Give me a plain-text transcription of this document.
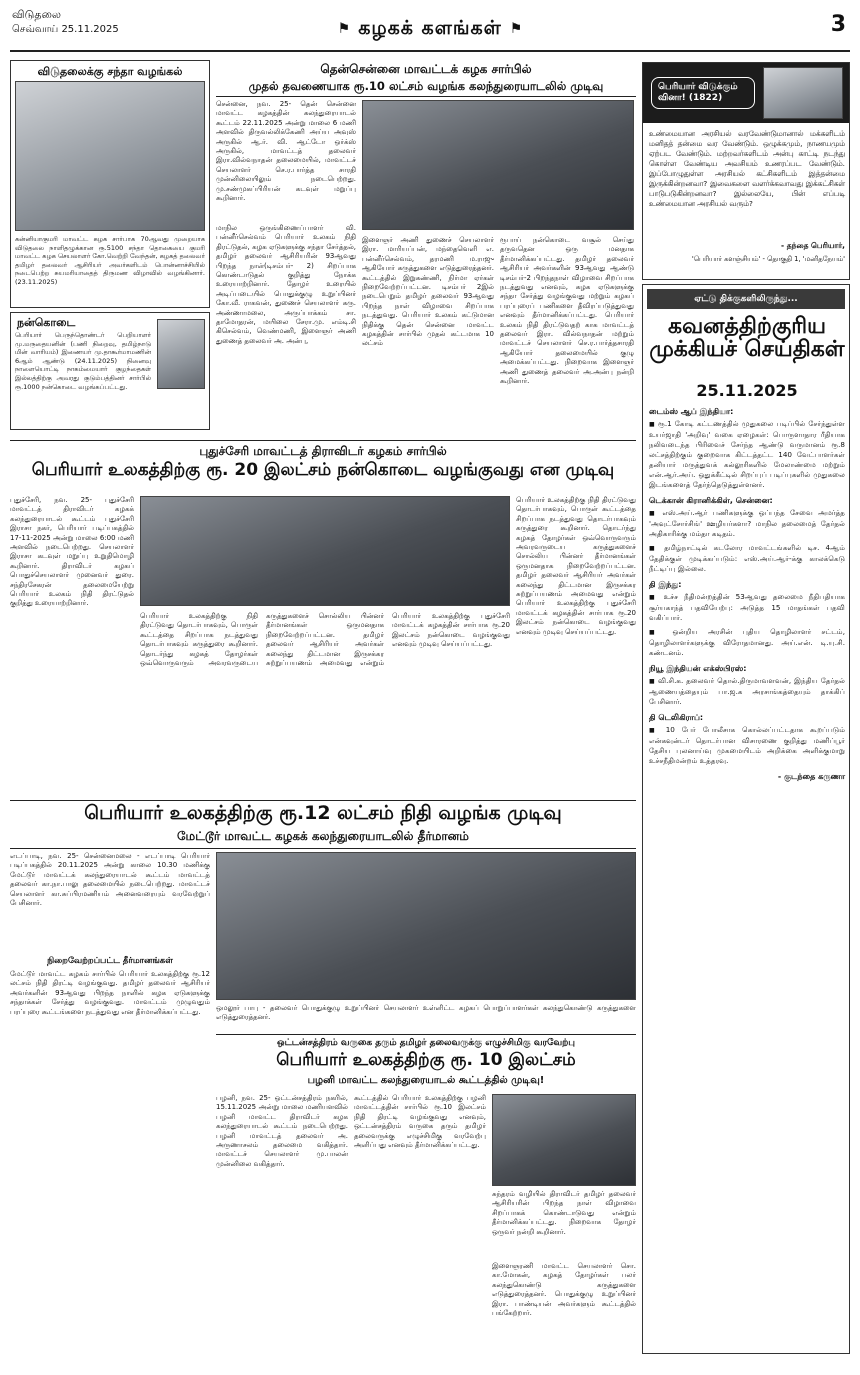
விடுதலை
செவ்வாய் 25.11.2025	⚑ கழகக் களங்கள் ⚑	3
விடுதலைக்கு சந்தா வழங்கல்
கன்னியாகுமரி மாவட்ட கழக சார்பாக 70ஆவது முறையாக விடுதலை நாளிதழுக்கான ரூ.5100 சந்தா தொகையை குமரி மாவட்ட கழக செயலாளர் கோ.வெற்றி வேந்தன், கழகத் தலைவர் தமிழர் தலைவர் ஆசிரியர் அவர்களிடம் பொன்னாச்சியில் நடைபெற்ற சுயமரியாதைத் திருமண விழாவில் வழங்கினார். (23.11.2025)
நன்கொடை
பெரியார் பெருந்தொண்டர் பெறியாளர் மு.மருதையனின் (பணி நிறைவு, தமிழ்நாடு மின் வாரியம்) இணையர் மு.தாகூர்மாமணின் 6ஆம் ஆண்டு (24.11.2025) நினைவு நாளையொட்டி நாகம்மையார் குழந்தைகள் இல்லத்திற்கு அவரது குடும்பத்தினர் சார்பில் ரூ.1000 நன்கொடை வழங்கப்பட்டது.
தென்சென்னை மாவட்டக் கழக சார்பில்
முதல் தவணையாக ரூ.10 லட்சம் வழங்க கலந்துரையாடலில் முடிவு
சென்னை, நவ. 25- தென் சென்னை மாவட்ட கழகத்தின் கலந்துரையாடல் கூட்டம் 22.11.2025 அன்று மாலை 6 மணி அளவில் திருவல்லிக்கேணி அய்ய அவுஸ் அருகில் ஆ.ர். வி. ஆட்டோ ஒர்க்ஸ் அருகில், மாவட்டத் தலைவர் இரா.வில்வநாதன் தலைமையில், மாவட்டச் செயலாளர் செ.ர.பார்த்த சாரதி முன்னிலையிலும் நடைபெற்றது. மு.சண்முகப்பிரியன் கடவுள் மறுப்பு கூறினார்.
மாநில ஒருங்கிணைப்பாளர் வி. பன்னீர்செல்வம் பெரியார் உலகம் நிதி திரட்டுதல், கழக ஏடுகளுக்கு சந்தா சேர்த்தல், தமிழர் தலைவர் ஆசிரியரின் 93ஆவது பிறந்த நாள்(டிசம்பர்- 2) சிறப்பாக கொண்டாடுதல் குறித்து நோக்க உரையாற்றினார். தோழர் உரையில் அடிப்படையில் பொதுக்குழு உறுப்பினர் கோ.வீ. ராகவன், துணைச் செயலாளர் கரு. அண்ணாமலை, அருப்பாக்கம் சா. தாமோதரன், மயிலை சேரா.மு. எம்டி.சி கிசெல்வம், வெண்மணி, இளைஞர் அணி துணைத் தலைவர் அ. அன்பு,
இளைஞர் அணி துணைச் செயலாளர் இரா. மாரியப்பன், மந்தைவெளி எ. பன்னீர்செல்வம், தரமணி ம.ராஜு ஆகியோர் கருத்துகளை எடுத்துரைத்தனர். கூட்டத்தில் இறுகண்ணி, நிர்மா ஏர்கள் நிறைவேற்றப்பட்டன. டிசம்பர் 2இல் நடைபெறும் தமிழர் தலைவர் 93ஆவது பிறந்த நாள் விழாவை சிறப்பாக நடத்துவது. பெரியார் உலகம் கட்டுமான நிதிக்கு தென் சென்னை மாவட்ட கழகத்தின் சார்பில் முதல் கட்டமாக 10 லட்சம்
ரூபாய் நன்கொடை வசூல் செய்து தருவதென ஒரு மனதாக தீர்மானிக்கப்பட்டது. தமிழர் தலைவர் ஆசிரியர் அவர்களின் 93ஆவது ஆண்டு டிசம்பர்-2 பிறந்தநாள் விழாவை சிறப்பாக நடத்துவது எனவும், கழக ஏடுகளுக்கு சந்தா சேர்த்து வழங்குவது மற்றும் கழகப் பரப்புரைப் பணிகளை தீவிரப்படுத்துவது எனவும் தீர்மானிக்கப்பட்டது. பெரியார் உலகம் நிதி திரட்டுவதற் காக மாவட்டத் தலைவர் இரா. வில்வநாதன் மற்றும் மாவட்டச் செயலாளர் செ.ர.பார்த்தசாரதி ஆகியோர் தலைமையில் குழு அமைக்கப்பட்டது. நிறைவாக இளைஞர் அணி துணைத் தலைவர் அ.அன்பு நன்றி கூறினார்.
பெரியார் விடுக்கும் வினா! (1822)
உண்மையான அரசியல் வரவேண்டுமானால் மக்களிடம் மனிதத் தன்மை வர வேண்டும். ஒழுக்கமும், நாணயமும் ஏற்பட வேண்டும். மற்றவர்களிடம் அன்பு காட்டி நடந்து கொள்ள வேண்டிய அவசியம் உணரப்பட வேண்டும். இப்போழுதுள்ள அரசியல் கட்சிகளிடம் இத்தன்மை இருக்கின்றனவா? இவைகளை வளர்க்கவாவது இக்கட்சிகள் பாடுபடுகின்றனவா? இல்லையே, பின் எப்படி உண்மையான அரசியல் வரும்?
- தந்தை பெரியார்,
'பெரியார் களஞ்சியம்' - தொகுதி 1, 'மனிதநேயம்'
ஏட்டு திக்குகளிலிருந்து...
கவனத்திற்குரிய முக்கியச் செய்திகள்
25.11.2025
டைம்ஸ் ஆப் இந்தியா:
■ ரூ.1 கோடி கட்டணத்தில் முதுகலை படிப்பில் சேர்ந்துள்ள உயர்ஜாதி 'அறிவு' வகை ஏழைகள்: பொருளாதார ரீதியாக நலிவடைந்த பிரிவைச் சேர்ந்த ஆண்டு வருமானம் ரூ.8 லட்சத்திற்கும் குறைவாக கிட்டத்தட்ட 140 வேட்பாளர்கள் தனியார் மருத்துவக் கல்லூரிகளில் மேலாண்மை மற்றும் என்.ஆர்.அய். ஒதுக்கீட்டில் சிறப்புப் படிப்புகளில் முதுகலை இடங்களைத் தேர்ந்தெடுத்துள்ளனர்.
டெக்கான் கிரானிக்கிள், சென்னை:
■ எஸ்.அய்.ஆர் பணிகளுக்கு ஒப்பந்த சேவை அமர்த்த 'அவுட்சோர்சிங்' ஊழியர்களா? மாநில தலைமைத் தேர்தல் அதிகாரிக்கு மம்தா கடிதம்.
■ தமிழ்நாட்டில் கடலோர மாவட்டங்களில் டிச. 4ஆம் தேதிக்குள் முடிக்கப்படும்: எஸ்.அய்.ஆர்-க்கு காலக்கெடு நீட்டிப்பு இல்லை.
தி இந்து:
■ உச்ச நீதிமன்றத்தின் 53ஆவது தலைமை நீதிபதியாக சூர்யகாந்த் பதவியேற்பு: அடுத்த 15 மாதங்கள் பதவி வகிப்பார்.
■ ஒன்றிய அரசின் புதிய தொழிலாளர் சட்டம், தொழிலாளர்களுக்கு விரோதமானது. அய்.என். டி.யு.சி. கண்டனம்.
நியூ இந்தியன் எக்ஸ்பிரஸ்:
■ வி.சி.க. தலைவர் தொல்.திருமாவளவன், இந்திய தேர்தல் ஆணையத்தையும் பா.ஜ.க அரசாங்கத்தையும் தாக்கிப் பேசினார்.
தி டெலிகிராப்:
■ 10 பேர் போலீசாக கொல்லப்பட்டதாக கூறப்படும் என்கவுன்டர் தொடர்பான விசாரணை குறித்து மணிப்பூர் தேசிய புலனாய்வு முகமையிடம் அறிக்கை அளிக்குமாறு உச்சநீதிமன்றம் உத்தரவு.
- குடந்தை கருணா
புதுச்சேரி மாவட்டத் திராவிடர் கழகம் சார்பில்
பெரியார் உலகத்திற்கு ரூ. 20 இலட்சம் நன்கொடை வழங்குவது என முடிவு
புதுச்சேரி, நவ. 25- புதுச்சேரி மாவட்டத் திராவிடர் கழகக் கலந்துரையாடல் கூட்டம் புதுச்சேரி இராசா நகர், பெரியார் படிப்பகத்தில் 17-11-2025 அன்று மாலை 6:00 மணி அளவில் நடைபெற்றது. செயலாளர் இராசா கடவுள் மறுப்பு உறுதிமொழி கூறினார். திராவிடர் கழகப் பொதுச்செயலாளர் முனைவர் துரை. சந்திரசேகரன் தலைமையேற்று பெரியார் உலகம் நிதி திரட்டுதல் குறித்து உரையாற்றினார்.
பெரியார் உலகத்திற்கு நிதி திரட்டுவது தொடர்பாகவும், பொருள் கூட்டத்தை சிறப்பாக நடத்துவது தொடர்பாகவும் கருத்துரை கூறினார். தொடர்ந்து கழகத் தோழர்கள் ஒவ்வொருவரும் அவரவருடைய கருத்துகளைச் சொல்லிய பின்னர் தீர்மானங்கள் ஒருமனதாக நிறைவேற்றப்பட்டன. தமிழர் தலைவர் ஆசிரியர் அவர்கள் கலைந்து திட்டமான இருசக்கர சுற்றுப்பயணம் அமைவது என்றும் பெரியார் உலகத்திற்கு புதுச்சேரி மாவட்டக் கழகத்தின் சார்பாக ரூ.20 இலட்சம் நன்கொடை வழங்குவது எனவும் முடிவு செய்யப்பட்டது.
பெரியார் உலகத்திற்கு நிதி திரட்டுவது தொடர்பாகவும், பொருள் கூட்டத்தை சிறப்பாக நடத்துவது தொடர்பாகவும் கருத்துரை கூறினார். தொடர்ந்து கழகத் தோழர்கள் ஒவ்வொருவரும் அவரவருடைய கருத்துகளைச் சொல்லிய பின்னர் தீர்மானங்கள் ஒருமனதாக நிறைவேற்றப்பட்டன. தமிழர் தலைவர் ஆசிரியர் அவர்கள் கலைந்து திட்டமான இருசக்கர சுற்றுப்பயணம் அமைவது என்றும் பெரியார் உலகத்திற்கு புதுச்சேரி மாவட்டக் கழகத்தின் சார்பாக ரூ.20 இலட்சம் நன்கொடை வழங்குவது எனவும் முடிவு செய்யப்பட்டது.
பெரியார் உலகத்திற்கு ரூ.12 லட்சம் நிதி வழங்க முடிவு
மேட்டூர் மாவட்ட கழகக் கலந்துரையாடலில் தீர்மானம்
எடப்பாடி, நவ. 25- சென்னைமலை - எடப்பாடி பெரியார் படிப்பகத்தில் 20.11.2025 அன்று காலை 10.30 மணிக்கு மேட்டூர் மாவட்டக் கலந்துரையாடல் கூட்டம் மாவட்டத் தலைவர் கா.நா.பாலு தலைமையில் நடைபெற்றது. மாவட்டச் செயலாளர் கா.சுப்பிரமணியம் அனைவரையும் வரவேற்றுப் பேசினார்.
நிறைவேற்றப்பட்ட தீர்மானங்கள்
மேட்டூர் மாவட்ட கழகம் சார்பில் பெரியார் உலகத்திற்கு ரூ.12 லட்சம் நிதி திரட்டி வழங்குவது. தமிழர் தலைவர் ஆசிரியர் அவர்களின் 93ஆவது பிறந்த நாளில் கழக ஏடுகளுக்கு சந்தாக்கள் சேர்த்து வழங்குவது. மாவட்டம் முழுவதும் பரப்புரை கூட்டங்களை நடத்துவது என தீர்மானிக்கப்பட்டது.	ஒமலூர் பாபு - தலைவர் பொதுக்குழு உறுப்பினர் செயலாளர் உள்ளிட்ட கழகப் பொறுப்பாளர்கள் கலந்துகொண்டு கருத்துகளை எடுத்துரைத்தனர்.
ஒட்டன்சத்திரம் வருகை தரும் தமிழர் தலைவருக்கு எழுச்சிமிகு வரவேற்பு
பெரியார் உலகத்திற்கு ரூ. 10 இலட்சம்
பழனி மாவட்ட கலந்துரையாடல் கூட்டத்தில் முடிவு!
பழனி, நவ. 25- ஒட்டன்சத்திரம் நகரில், 15.11.2025 அன்று மாலை மணியளவில் பழனி மாவட்ட திராவிடர் கழக கலந்துரையாடல் கூட்டம் நடைபெற்றது. பழனி மாவட்டத் தலைவர் அ. அருணாசலம் தலைமை வகித்தார். மாவட்டச் செயலாளர் மு.பாலன் முன்னிலை வகித்தார்.
கூட்டத்தில் பெரியார் உலகத்திற்கு பழனி மாவட்டத்தின் சார்பில் ரூ.10 இலட்சம் நிதி திரட்டி வழங்குவது எனவும், ஒட்டன்சத்திரம் வருகை தரும் தமிழர் தலைவருக்கு எழுச்சிமிகு வரவேற்பு அளிப்பது எனவும் தீர்மானிக்கப்பட்டது.
சுந்தரம் வழியில் திராவிடர் தமிழர் தலைவர் ஆசிரியரின் பிறந்த நாள் விழாவை சிறப்பாகக் கொண்டாடுவது என்றும் தீர்மானிக்கப்பட்டது. நிறைவாக தோழர் ஒருவர் நன்றி கூறினார்.
இளைஞரணி மாவட்ட செயலாளர் சொ. கா.மோகன், கழகத் தோழர்கள் பலர் கலந்துகொண்டு கருத்துகளை எடுத்துரைத்தனர். பொதுக்குழு உறுப்பினர் இரா. பாண்டியன் அவர்களும் கூட்டத்தில் பங்கேற்றார்.
